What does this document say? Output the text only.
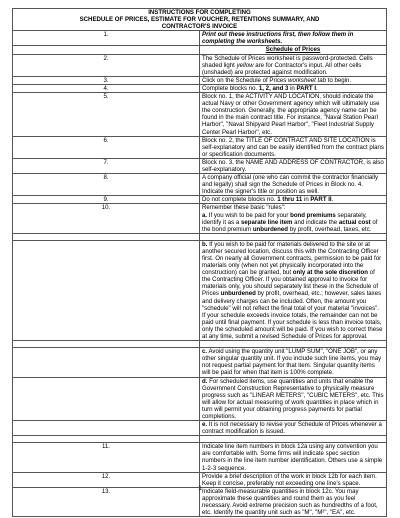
INSTRUCTIONS FOR COMPLETING
SCHEDULE OF PRICES, ESTIMATE FOR VOUCHER, RETENTIONS SUMMARY, AND
CONTRACTOR'S INVOICE	

1.	Print out these instructions first, then follow them in completing the worksheets.
	Schedule of Prices
2.	The Schedule of Prices worksheet is password-protected. Cells shaded light yellow are for Contractor's input. All other cells (unshaded) are protected against modification.
3.	Click on the Schedule of Prices worksheet tab to begin.
4.	Complete blocks no. 1, 2, and 3 in PART I.
5.	Block no. 1, the ACTIVITY AND LOCATION, should indicate the actual Navy or other Government agency which will ultimately use the construction. Generally, the appropriate agency name can be found in the main contract title. For instance, "Naval Station Pearl Harbor", "Naval Shipyard Pearl Harbor", "Fleet Industrial Supply Center Pearl Harbor", etc.
6.	Block no. 2, the TITLE OF CONTRACT AND SITE LOCATION is self-explanatory and can be easily identified from the contract plans or specification documents.
7.	Block no. 3, the NAME AND ADDRESS OF CONTRACTOR, is also self-explanatory.
8.	A company official (one who can commit the contractor financially and legally) shall sign the Schedule of Prices in Block no. 4. Indicate the signer's title or position as well.
9.	Do not complete blocks no. 1 thru 11 in PART II.
10.	Remember these basic "rules":
a. If you wish to be paid for your bond premiums separately, identify it as a separate line item and indicate the actual cost of the bond premium unburdened by profit, overhead, taxes, etc.

	b. If you wish to be paid for materials delivered to the site or at another secured location, discuss this with the Contracting Officer first. On nearly all Government contracts, permission to be paid for materials only (when not yet physically incorporated into the construction) can be granted, but only at the sole discretion of the Contracting Officer. If you obtained approval to invoice for materials only, you should separately list these in the Schedule of Prices unburdened by profit, overhead, etc.; however, sales taxes and delivery charges can be included. Often, the amount you "schedule" will not reflect the final total of your material "invoices". If your schedule exceeds invoice totals, the remainder can not be paid until final payment. If your schedule is less than invoice totals, only the scheduled amount will be paid. If you wish to correct these at any time, submit a revised Schedule of Prices for approval.

	c. Avoid using the quantity unit "LUMP SUM", "ONE JOB", or any other singular quantity unit. If you include such line items, you may not request partial payment for that item. Singular quantity items will be paid for when that item is 100% complete.
	d. For scheduled items, use quantities and units that enable the Government Construction Representative to physically measure progress such as "LINEAR METERS", "CUBIC METERS", etc. This will allow for actual measuring of work quantities in place which in turn will permit your obtaining progress payments for partial completions.
	e. It is not necessary to revise your Schedule of Prices whenever a contract modification is issued.

11.	Indicate line item numbers in block 12a using any convention you are comfortable with. Some firms will indicate spec section numbers in the line item number identification. Others use a simple 1-2-3 sequence.
12.	Provide a brief description of the work in block 12b for each item. Keep it concise, preferably not exceeding one line's space.
13.	Indicate field-measurable quantities in block 12c. You may approximate these quantities and round them as you feel necessary. Avoid extreme precision such as hundredths of a foot, etc. Identify the quantity unit such as "M", "M²", "EA", etc.
1
